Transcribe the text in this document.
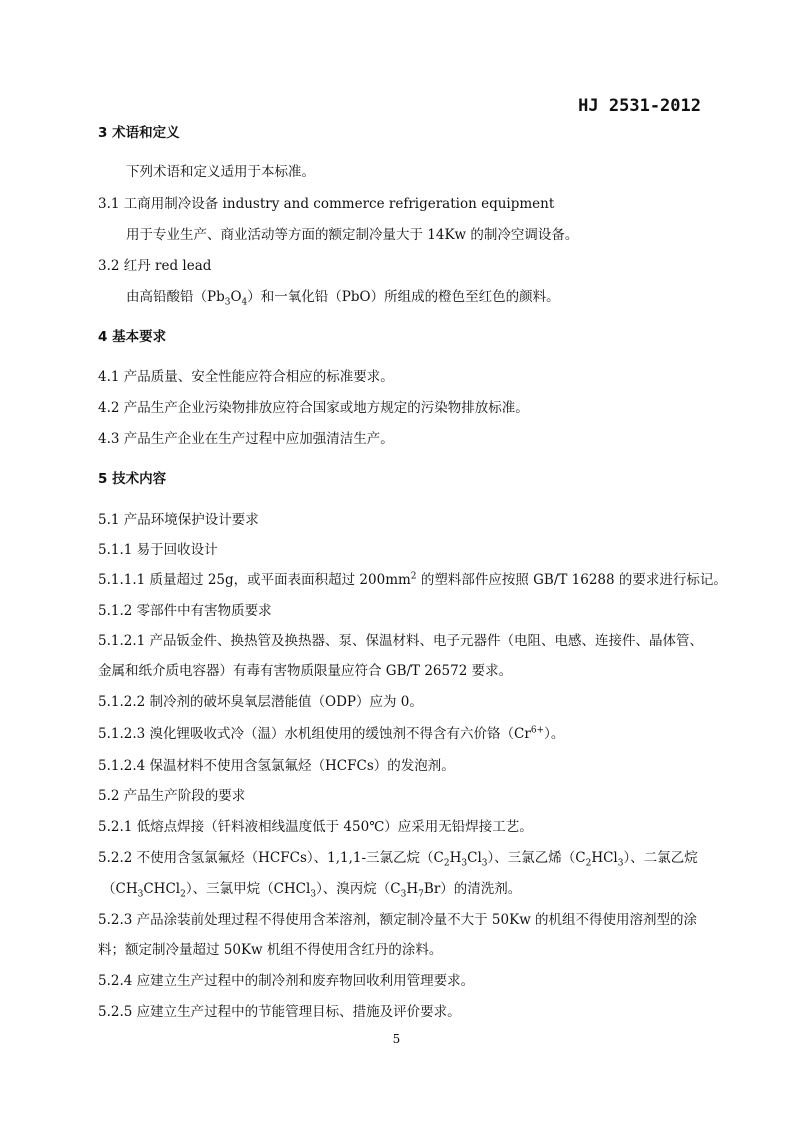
HJ 2531-2012
3 术语和定义
下列术语和定义适用于本标准。
3.1 工商用制冷设备 industry and commerce refrigeration equipment
用于专业生产、商业活动等方面的额定制冷量大于 14Kw 的制冷空调设备。
3.2 红丹 red lead
由高铅酸铅$(Pb_3O_4)$和一氧化铅（PbO）所组成的橙色至红色的颜料。
4 基本要求
4.1 产品质量、安全性能应符合相应的标准要求。
4.2 产品生产企业污染物排放应符合国家或地方规定的污染物排放标准。
4.3 产品生产企业在生产过程中应加强清洁生产。
5 技术内容
5.1 产品环境保护设计要求
5.1.1 易于回收设计
5.1.1.1 质量超过 25g，或平面表面积超过 $200mm^2$ 的塑料部件应按照 GB/T 16288 的要求进行标记。
5.1.2 零部件中有害物质要求
5.1.2.1 产品钣金件、换热管及换热器、泵、保温材料、电子元器件（电阻、电感、连接件、晶体管、
金属和纸介质电容器）有毒有害物质限量应符合 GB/T 26572 要求。
5.1.2.2 制冷剂的破坏臭氧层潜能值（ODP）应为 0。
5.1.2.3 溴化锂吸收式冷（温）水机组使用的缓蚀剂不得含有六价铬$(Cr^{6+})$。
5.1.2.4 保温材料不使用含氢氯氟烃（HCFCs）的发泡剂。
5.2 产品生产阶段的要求
5.2.1 低熔点焊接（钎料液相线温度低于 450℃）应采用无铅焊接工艺。
5.2.2 不使用含氢氯氟烃（HCFCs）、1,1,1-三氯乙烷$(C_2H_3Cl_3)$、三氯乙烯$(C_2HCl_3)$、二氯乙烷
$(CH_3CHCl_2)$、三氯甲烷（CHCl$_3$）、溴丙烷$(C_3H_7Br)$的清洗剂。
5.2.3 产品涂装前处理过程不得使用含苯溶剂，额定制冷量不大于 50Kw 的机组不得使用溶剂型的涂
料；额定制冷量超过 50Kw 机组不得使用含红丹的涂料。
5.2.4 应建立生产过程中的制冷剂和废弃物回收利用管理要求。
5.2.5 应建立生产过程中的节能管理目标、措施及评价要求。
5
